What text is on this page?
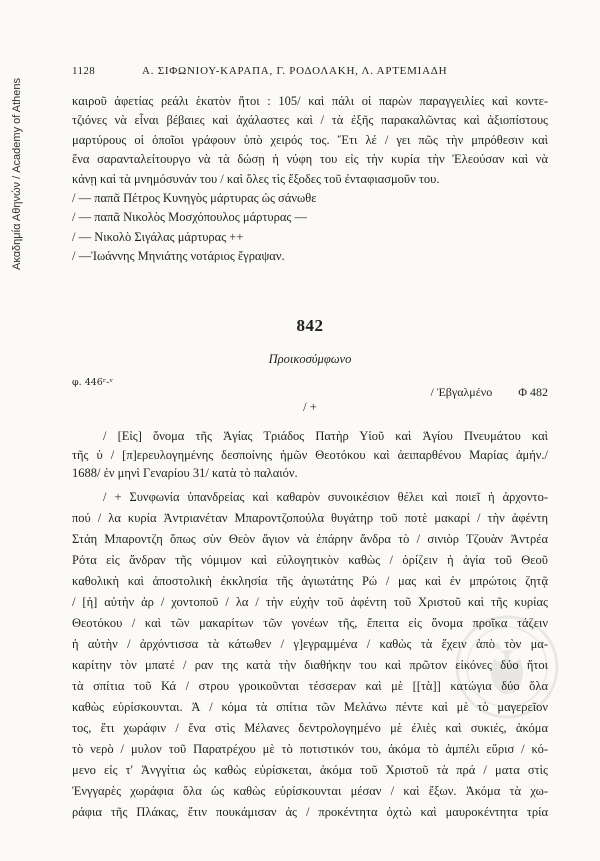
Ακαδημία Αθηνών / Academy of Athens
1128	Α. ΣΙΦΩΝΙΟΥ-ΚΑΡΑΠΑ, Γ. ΡΟΔΟΛΑΚΗ, Λ. ΑΡΤΕΜΙΑΔΗ
καιροῦ ἀφετίας ρεάλι ἑκατὸν ἤτοι : 105/ καὶ πάλι οἱ παρὼν παραγγειλίες καὶ κοντε-
τζιόνες νὰ εἶναι βέβαιες καὶ ἀχάλαστες καὶ / τὰ ἐξῆς παρακαλῶντας καὶ ἀξιοπίστους
μαρτύρους οἱ ὁποῖοι γράφουν ὑπὸ χειρός τος. Ἔτι λέ / γει πῶς τὴν μπρόθεσιν καὶ
ἕνα σαρανταλείτουργο νὰ τὰ δώσῃ ἡ νύφη του εἰς τὴν κυρία τὴν Ἐλεούσαν καὶ νὰ
κάνῃ καὶ τὰ μνημόσυνάν του / καὶ ὅλες τὶς ἔξοδες τοῦ ἐνταφιασμοῦν του.
/ — παπᾶ Πέτρος Κυνηγὸς μάρτυρας ὡς σάνωθε
/ — παπᾶ Νικολὸς Μοσχόπουλος μάρτυρας —
/ — Νικολὸ Σιγάλας μάρτυρας ++
/ —Ἰωάννης Μηνιάτης νοτάριος ἔγραψαν.
842
Προικοσύμφωνο
φ. 446ʳ-ᵛ
/ Ἐβγαλμένο Φ 482
/ +
/ [Εἰς] ὄνομα τῆς Ἁγίας Τριάδος Πατὴρ Υἱοῦ καὶ Ἁγίου Πνευμάτου καὶ
τῆς ὑ / [π]ερευλογημένης δεσποίνης ἡμῶν Θεοτόκου καὶ ἀειπαρθένου Μαρίας ἀμήν./
1688/ ἐν μηνὶ Γεναρίου 31/ κατὰ τὸ παλαιόν.
/ + Συνφωνία ὑπανδρείας καὶ καθαρὸν συνοικέσιον θέλει καὶ ποιεῖ ἡ ἀρχοντο-
πού / λα κυρία Ἀντριανέταν Μπαροντζοπούλα θυγάτηρ τοῦ ποτὲ μακαρί / τὴν ἀφέντη
Στάη Μπαροντζη ὅπως σὺν Θεὸν ἅγιον νὰ ἐπάρην ἄνδρα τὸ / σινιὸρ Τζουὰν Ἀντρέα
Ρότα εἰς ἄνδραν τῆς νόμιμον καὶ εὐλογητικὸν καθὼς / ὁρίζειν ἡ ἁγία τοῦ Θεοῦ
καθολικὴ καὶ ἀποστολικὴ ἐκκλησία τῆς ἁγιωτάτης Ρώ / μας καὶ ἐν μπρώτοις ζητᾷ
/ [ἡ] αὐτὴν ἀρ / χοντοποῦ / λα / τὴν εὐχὴν τοῦ ἀφέντη τοῦ Χριστοῦ καὶ τῆς κυρίας
Θεοτόκου / καὶ τῶν μακαρίτων τῶν γονέων τῆς, ἔπειτα εἰς ὄνομα προῖκα τάζειν
ἡ αὐτὴν / ἀρχόντισσα τὰ κάτωθεν / γ]εγραμμένα / καθὼς τὰ ἔχειν ἀπὸ τὸν μα-
καρίτην τὸν μπατέ / ραν της κατὰ τὴν διαθήκην του καὶ πρῶτον εἰκόνες δύο ἤτοι
τὰ σπίτια τοῦ Κά / στρου γροικοῦνται τέσσεραν καὶ μὲ [[τὰ]] κατώγια δύο ὅλα
καθὼς εὑρίσκουνται. Ἀ / κόμα τὰ σπίτια τῶν Μελάνω πέντε καὶ μὲ τὸ μαγερεῖον
τος, ἔτι χωράφιν / ἕνα στὶς Μέλανες δεντρολογημένο μὲ ἐλιὲς καὶ συκιές, ἀκόμα
τὸ νερὸ / μυλον τοῦ Παρατρέχου μὲ τὸ ποτιστικόν του, ἀκόμα τὸ ἀμπέλι εὕρισ / κό-
μενο εἰς τ' Ἀνγγίτια ὡς καθὼς εὑρίσκεται, ἀκόμα τοῦ Χριστοῦ τὰ πρά / ματα στὶς
Ἐνγγαρὲς χωράφια ὅλα ὡς καθὼς εὑρίσκουνται μέσαν / καὶ ἔξων. Ἀκόμα τὰ χω-
ράφια τῆς Πλάκας, ἔτιν πουκάμισαν ἀς / προκέντητα ὀχτὼ καὶ μαυροκέντητα τρία
